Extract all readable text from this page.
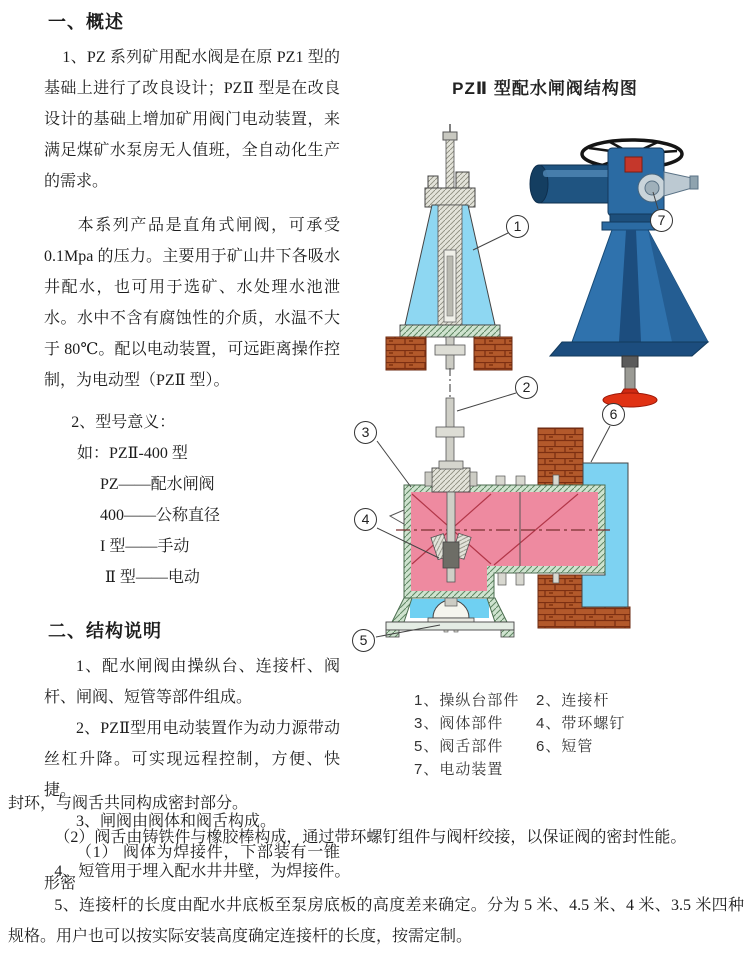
一、概述

1、PZ 系列矿用配水阀是在原 PZ1 型的基础上进行了改良设计；PZⅡ 型是在改良设计的基础上增加矿用阀门电动装置，来满足煤矿水泵房无人值班，全自动化生产的需求。

本系列产品是直角式闸阀，可承受 0.1Mpa 的压力。主要用于矿山井下各吸水井配水，也可用于选矿、水处理水池泄水。水中不含有腐蚀性的介质，水温不大于 80℃。配以电动装置，可远距离操作控制，为电动型（PZⅡ 型）。

2、型号意义：

如：PZⅡ-400 型
PZ——配水闸阀
400——公称直径
I 型——手动
Ⅱ 型——电动
二、结构说明

1、配水闸阀由操纵台、连接杆、阀杆、闸阀、短管等部件组成。

2、PZⅡ型用电动装置作为动力源带动丝杠升降。可实现远程控制，方便、快捷。

3、闸阀由阀体和阀舌构成。

（1） 阀体为焊接件，下部装有一锥形密

PZⅡ 型配水闸阀结构图
1
2
3
4
5
6
7
1、操纵台部件	2、连接杆
3、阀体部件	4、带环螺钉
5、阀舌部件	6、短管
7、电动装置

封环，与阀舌共同构成密封部分。

（2）阀舌由铸铁件与橡胶棒构成，通过带环螺钉组件与阀杆绞接，以保证阀的密封性能。

4、短管用于埋入配水井井壁，为焊接件。

5、连接杆的长度由配水井底板至泵房底板的高度差来确定。分为 5 米、4.5 米、4 米、3.5 米四种规格。用户也可以按实际安装高度确定连接杆的长度，按需定制。
